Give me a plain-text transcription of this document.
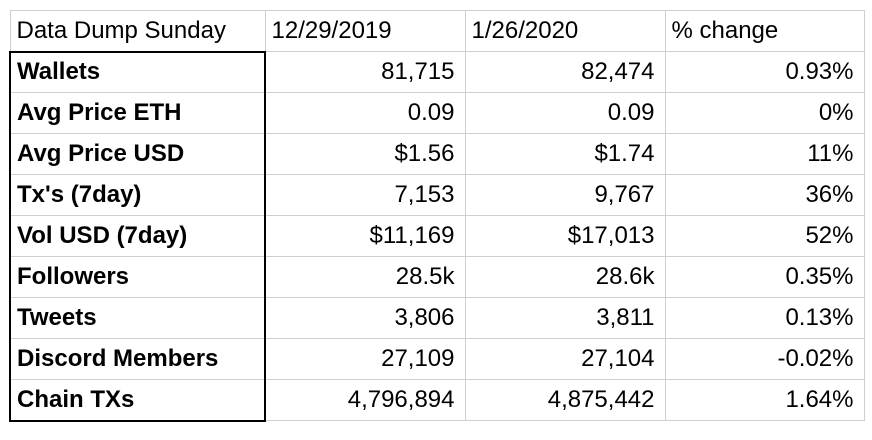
Data Dump Sunday	12/29/2019	1/26/2020	% change
Wallets	81,715	82,474	0.93%
Avg Price ETH	0.09	0.09	0%
Avg Price USD	$1.56	$1.74	11%
Tx's (7day)	7,153	9,767	36%
Vol USD (7day)	$11,169	$17,013	52%
Followers	28.5k	28.6k	0.35%
Tweets	3,806	3,811	0.13%
Discord Members	27,109	27,104	-0.02%
Chain TXs	4,796,894	4,875,442	1.64%
